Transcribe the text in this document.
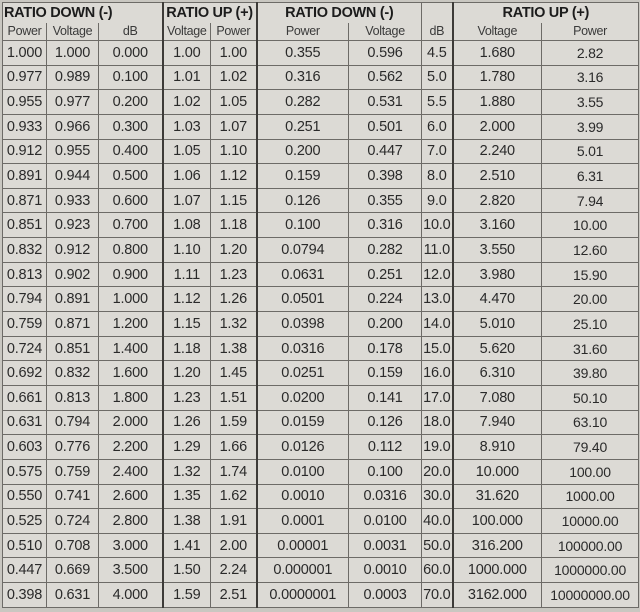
RATIO DOWN (-)			RATIO UP (+)		RATIO DOWN (-)			RATIO UP (+)	
Power	Voltage	dB	Voltage	Power	Power	Voltage	dB	Voltage	Power
1.000	1.000	0.000	1.00	1.00	0.355	0.596	4.5	1.680	2.82
0.977	0.989	0.100	1.01	1.02	0.316	0.562	5.0	1.780	3.16
0.955	0.977	0.200	1.02	1.05	0.282	0.531	5.5	1.880	3.55
0.933	0.966	0.300	1.03	1.07	0.251	0.501	6.0	2.000	3.99
0.912	0.955	0.400	1.05	1.10	0.200	0.447	7.0	2.240	5.01
0.891	0.944	0.500	1.06	1.12	0.159	0.398	8.0	2.510	6.31
0.871	0.933	0.600	1.07	1.15	0.126	0.355	9.0	2.820	7.94
0.851	0.923	0.700	1.08	1.18	0.100	0.316	10.0	3.160	10.00
0.832	0.912	0.800	1.10	1.20	0.0794	0.282	11.0	3.550	12.60
0.813	0.902	0.900	1.11	1.23	0.0631	0.251	12.0	3.980	15.90
0.794	0.891	1.000	1.12	1.26	0.0501	0.224	13.0	4.470	20.00
0.759	0.871	1.200	1.15	1.32	0.0398	0.200	14.0	5.010	25.10
0.724	0.851	1.400	1.18	1.38	0.0316	0.178	15.0	5.620	31.60
0.692	0.832	1.600	1.20	1.45	0.0251	0.159	16.0	6.310	39.80
0.661	0.813	1.800	1.23	1.51	0.0200	0.141	17.0	7.080	50.10
0.631	0.794	2.000	1.26	1.59	0.0159	0.126	18.0	7.940	63.10
0.603	0.776	2.200	1.29	1.66	0.0126	0.112	19.0	8.910	79.40
0.575	0.759	2.400	1.32	1.74	0.0100	0.100	20.0	10.000	100.00
0.550	0.741	2.600	1.35	1.62	0.0010	0.0316	30.0	31.620	1000.00
0.525	0.724	2.800	1.38	1.91	0.0001	0.0100	40.0	100.000	10000.00
0.510	0.708	3.000	1.41	2.00	0.00001	0.0031	50.0	316.200	100000.00
0.447	0.669	3.500	1.50	2.24	0.000001	0.0010	60.0	1000.000	1000000.00
0.398	0.631	4.000	1.59	2.51	0.0000001	0.0003	70.0	3162.000	10000000.00
